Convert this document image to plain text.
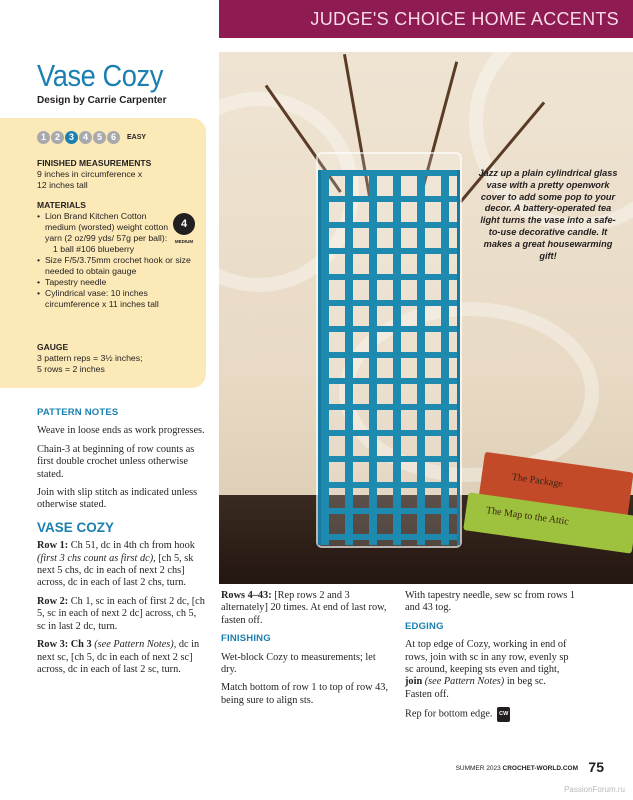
JUDGE'S CHOICE HOME ACCENTS
Vase Cozy
Design by Carrie Carpenter
1 2 3 4 5 6	EASY
FINISHED MEASUREMENTS
9 inches in circumference x
12 inches tall
MATERIALS
• Lion Brand Kitchen Cotton medium (worsted) weight cotton yarn (2 oz/99 yds/ 57g per ball):
1 ball #106 blueberry
• Size F/5/3.75mm crochet hook or size needed to obtain gauge
• Tapestry needle
• Cylindrical vase: 10 inches circumference x 11 inches tall
4
MEDIUM
GAUGE
3 pattern reps = 3½ inches;
5 rows = 2 inches
The Package
The Map to the Attic
Jazz up a plain cylindrical glass vase with a pretty openwork cover to add some pop to your decor. A battery-operated tea light turns the vase into a safe-to-use decorative candle. It makes a great housewarming gift!
PATTERN NOTES

Weave in loose ends as work progresses.

Chain-3 at beginning of row counts as first double crochet unless otherwise stated.

Join with slip stitch as indicated unless otherwise stated.

VASE COZY

Row 1: Ch 51, dc in 4th ch from hook (first 3 chs count as first dc), [ch 5, sk next 5 chs, dc in each of next 2 chs] across, dc in each of last 2 chs, turn.

Row 2: Ch 1, sc in each of first 2 dc, [ch 5, sc in each of next 2 dc] across, ch 5, sc in last 2 dc, turn.

Row 3: Ch 3 (see Pattern Notes), dc in next sc, [ch 5, dc in each of next 2 sc] across, dc in each of last 2 sc, turn.

Rows 4–43: [Rep rows 2 and 3 alternately] 20 times. At end of last row, fasten off.

FINISHING

Wet-block Cozy to measurements; let dry.

Match bottom of row 1 to top of row 43, being sure to align sts.

With tapestry needle, sew sc from rows 1 and 43 tog.

EDGING

At top edge of Cozy, working in end of rows, join with sc in any row, evenly sp sc around, keeping sts even and tight, join (see Pattern Notes) in beg sc. Fasten off.

Rep for bottom edge. CW

SUMMER 2023 CROCHET-WORLD.COM 75
PassionForum.ru
